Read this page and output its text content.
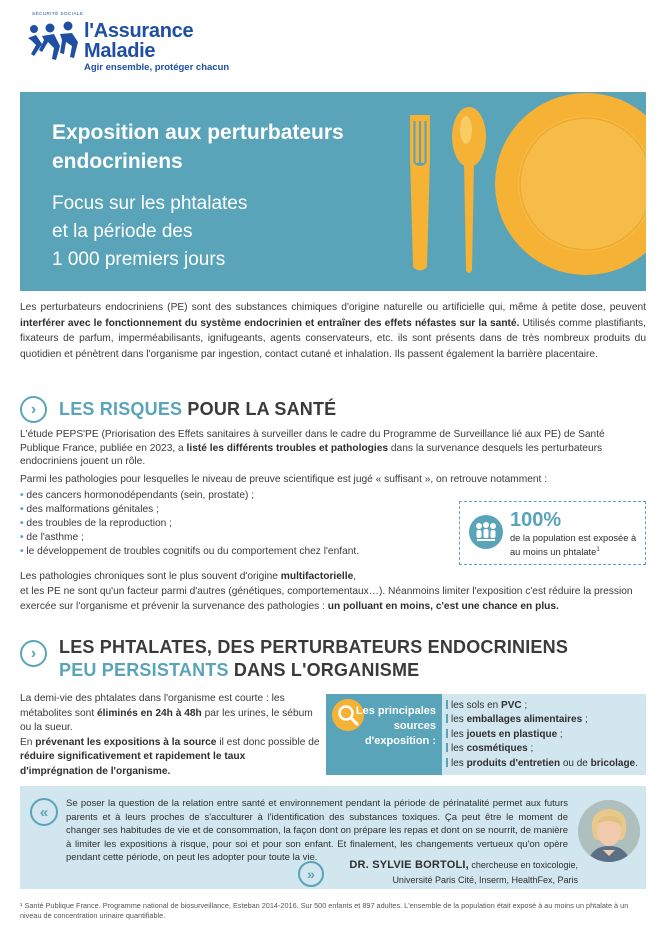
SÉCURITÉ SOCIALE
l'Assurance
Maladie
Agir ensemble, protéger chacun
Exposition aux perturbateurs endocriniens
Focus sur les phtalates
et la période des
1 000 premiers jours

Les perturbateurs endocriniens (PE) sont des substances chimiques d'origine naturelle ou artificielle qui, même à petite dose, peuvent interférer avec le fonctionnement du système endocrinien et entraîner des effets néfastes sur la santé. Utilisés comme plastifiants, fixateurs de parfum, imperméabilisants, ignifugeants, agents conservateurs, etc. ils sont présents dans de très nombreux produits du quotidien et pénètrent dans l'organisme par ingestion, contact cutané et inhalation. Ils passent également la barrière placentaire.

›	LES RISQUES POUR LA SANTÉ

L'étude PEPS'PE (Priorisation des Effets sanitaires à surveiller dans le cadre du Programme de Surveillance lié aux PE) de Santé Publique France, publiée en 2023, a listé les différents troubles et pathologies dans la survenance desquels les perturbateurs endocriniens jouent un rôle.

Parmi les pathologies pour lesquelles le niveau de preuve scientifique est jugé « suffisant », on retrouve notamment :

• des cancers hormonodépendants (sein, prostate) ;
• des malformations génitales ;
• des troubles de la reproduction ;
• de l'asthme ;
• le développement de troubles cognitifs ou du comportement chez l'enfant.
100%
de la population est exposée à au moins un phtalate$^1$

Les pathologies chroniques sont le plus souvent d'origine multifactorielle,

et les PE ne sont qu'un facteur parmi d'autres (génétiques, comportementaux…). Néanmoins limiter l'exposition c'est réduire la pression exercée sur l'organisme et prévenir la survenance des pathologies : un polluant en moins, c'est une chance en plus.

›	LES PHTALATES, DES PERTURBATEURS ENDOCRINIENS
PEU PERSISTANTS DANS L'ORGANISME

La demi-vie des phtalates dans l'organisme est courte : les métabolites sont éliminés en 24h à 48h par les urines, le sébum ou la sueur.

En prévenant les expositions à la source il est donc possible de réduire significativement et rapidement le taux d'imprégnation de l'organisme.

Les principales sources d'exposition :
les sols en PVC ;
les emballages alimentaires ;
les jouets en plastique ;
les cosmétiques ;
les produits d'entretien ou de bricolage.
«	Se poser la question de la relation entre santé et environnement pendant la période de périnatalité permet aux futurs parents et à leurs proches de s'acculturer à l'identification des substances toxiques. Ça peut être le moment de changer ses habitudes de vie et de consommation, la façon dont on prépare les repas et dont on se nourrit, de manière à limiter les expositions à risque, pour soi et pour son enfant. Et finalement, les changements vertueux qu'on opère pendant cette période, on peut les adopter pour toute la vie.
»
DR. SYLVIE BORTOLI, chercheuse en toxicologie,
Université Paris Cité, Inserm, HealthFex, Paris

¹ Santé Publique France. Programme national de biosurveillance, Esteban 2014-2016. Sur 500 enfants et 897 adultes. L'ensemble de la population était exposé à au moins un phtalate à un niveau de concentration urinaire quantifiable.
